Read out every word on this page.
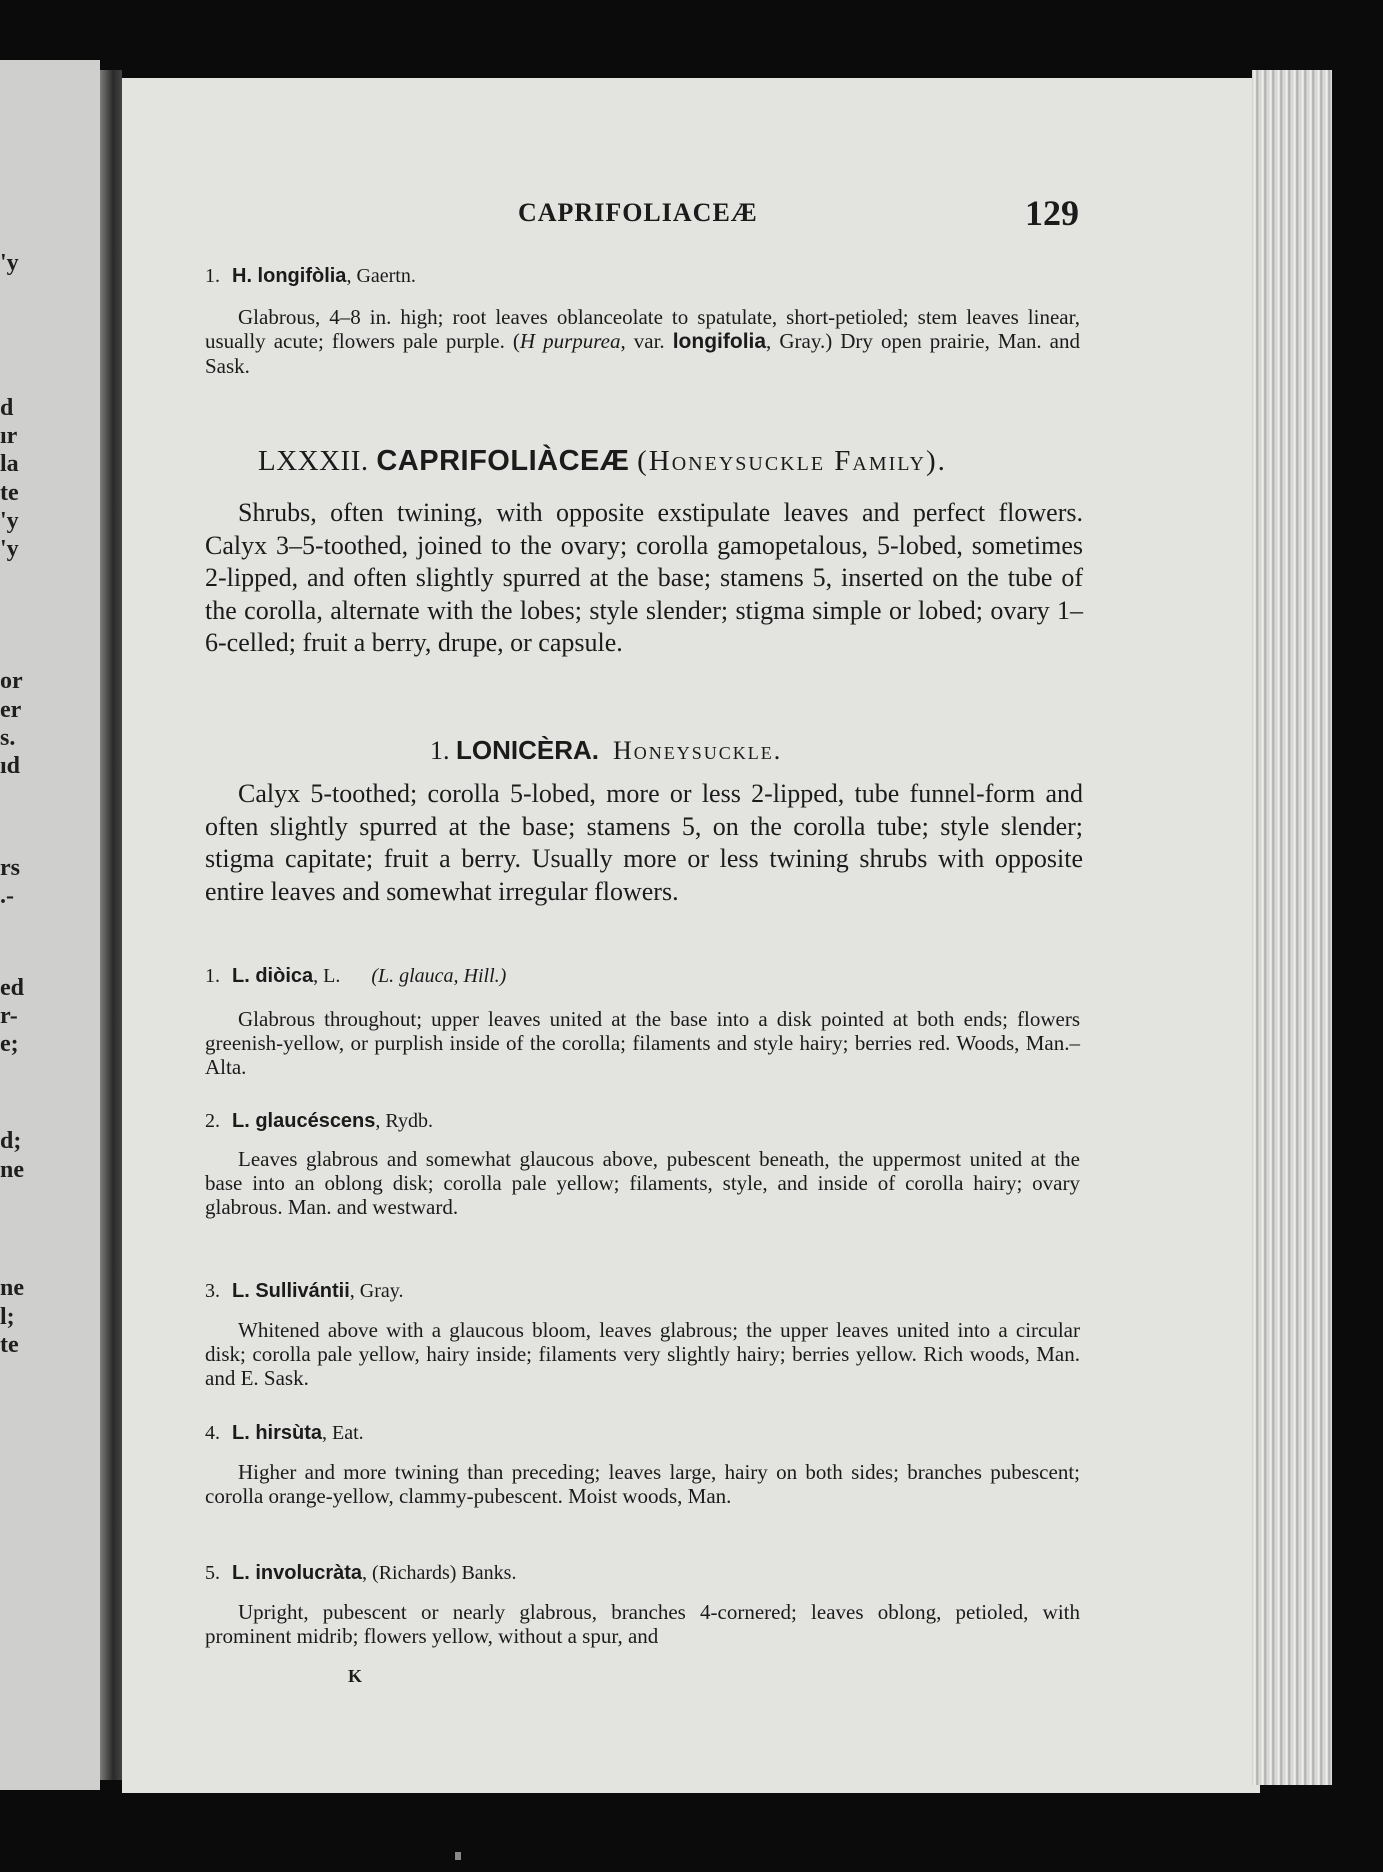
'y
d
ır
la
te
'y
'y
or
er
s.
ıd
rs
.-
ed
r-
e;
d;
ne
ne
l;
te
CAPRIFOLIACEÆ	129
1. H. longifòlia, Gaertn.
Glabrous, 4–8 in. high; root leaves oblanceolate to spatulate, short-petioled; stem leaves linear, usually acute; flowers pale purple. (H purpurea, var. longifolia, Gray.) Dry open prairie, Man. and Sask.
LXXXII. CAPRIFOLIÀCEÆ (Honeysuckle Family).
Shrubs, often twining, with opposite exstipulate leaves and perfect flowers. Calyx 3–5-toothed, joined to the ovary; corolla gamopetalous, 5-lobed, sometimes 2-lipped, and often slightly spurred at the base; stamens 5, inserted on the tube of the corolla, alternate with the lobes; style slender; stigma simple or lobed; ovary 1–6-celled; fruit a berry, drupe, or capsule.
1. LONICÈRA. Honeysuckle.
Calyx 5-toothed; corolla 5-lobed, more or less 2-lipped, tube funnel-form and often slightly spurred at the base; stamens 5, on the corolla tube; style slender; stigma capitate; fruit a berry. Usually more or less twining shrubs with opposite entire leaves and somewhat irregular flowers.
1. L. diòica, L. (L. glauca, Hill.)
Glabrous throughout; upper leaves united at the base into a disk pointed at both ends; flowers greenish-yellow, or purplish inside of the corolla; filaments and style hairy; berries red. Woods, Man.–Alta.
2. L. glaucéscens, Rydb.
Leaves glabrous and somewhat glaucous above, pubescent beneath, the uppermost united at the base into an oblong disk; corolla pale yellow; filaments, style, and inside of corolla hairy; ovary glabrous. Man. and westward.
3. L. Sullivántii, Gray.
Whitened above with a glaucous bloom, leaves glabrous; the upper leaves united into a circular disk; corolla pale yellow, hairy inside; filaments very slightly hairy; berries yellow. Rich woods, Man. and E. Sask.
4. L. hirsùta, Eat.
Higher and more twining than preceding; leaves large, hairy on both sides; branches pubescent; corolla orange-yellow, clammy-pubescent. Moist woods, Man.
5. L. involucràta, (Richards) Banks.
Upright, pubescent or nearly glabrous, branches 4-cornered; leaves oblong, petioled, with prominent midrib; flowers yellow, without a spur, and
K
